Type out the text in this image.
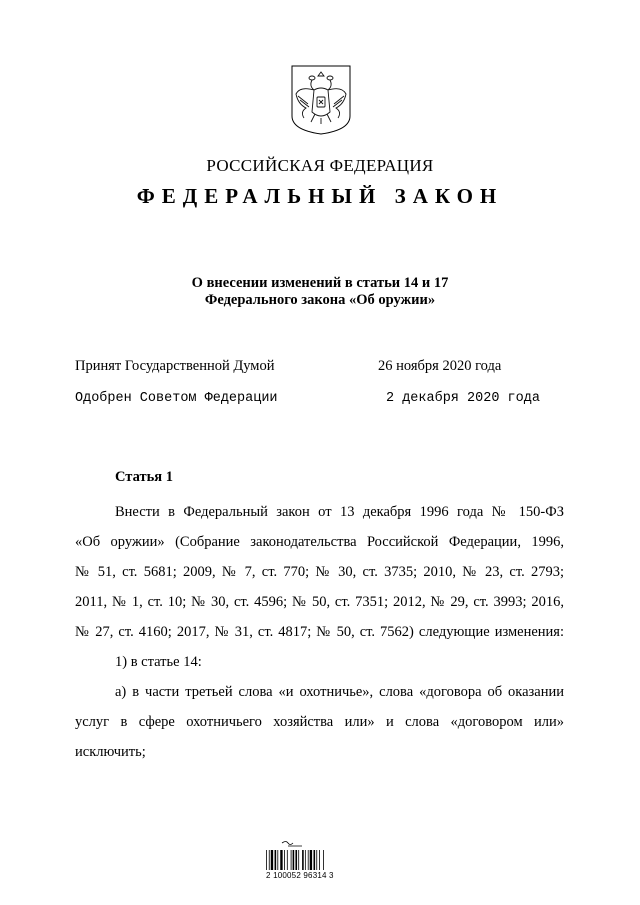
РОССИЙСКАЯ ФЕДЕРАЦИЯ
ФЕДЕРАЛЬНЫЙ ЗАКОН
О внесении изменений в статьи 14 и 17
Федерального закона «Об оружии»
Принят Государственной Думой	26 ноября 2020 года
Одобрен Советом Федерации	2 декабря 2020 года
Статья 1
Внести в Федеральный закон от 13 декабря 1996 года № 150-ФЗ
«Об оружии» (Собрание законодательства Российской Федерации, 1996,
№ 51, ст. 5681; 2009, № 7, ст. 770; № 30, ст. 3735; 2010, № 23, ст. 2793;
2011, № 1, ст. 10; № 30, ст. 4596; № 50, ст. 7351; 2012, № 29, ст. 3993; 2016,
№ 27, ст. 4160; 2017, № 31, ст. 4817; № 50, ст. 7562) следующие изменения:
1) в статье 14:
а) в части третьей слова «и охотничье», слова «договора об оказании
услуг в сфере охотничьего хозяйства или» и слова «договором или»
исключить;
2 100052 96314 3
